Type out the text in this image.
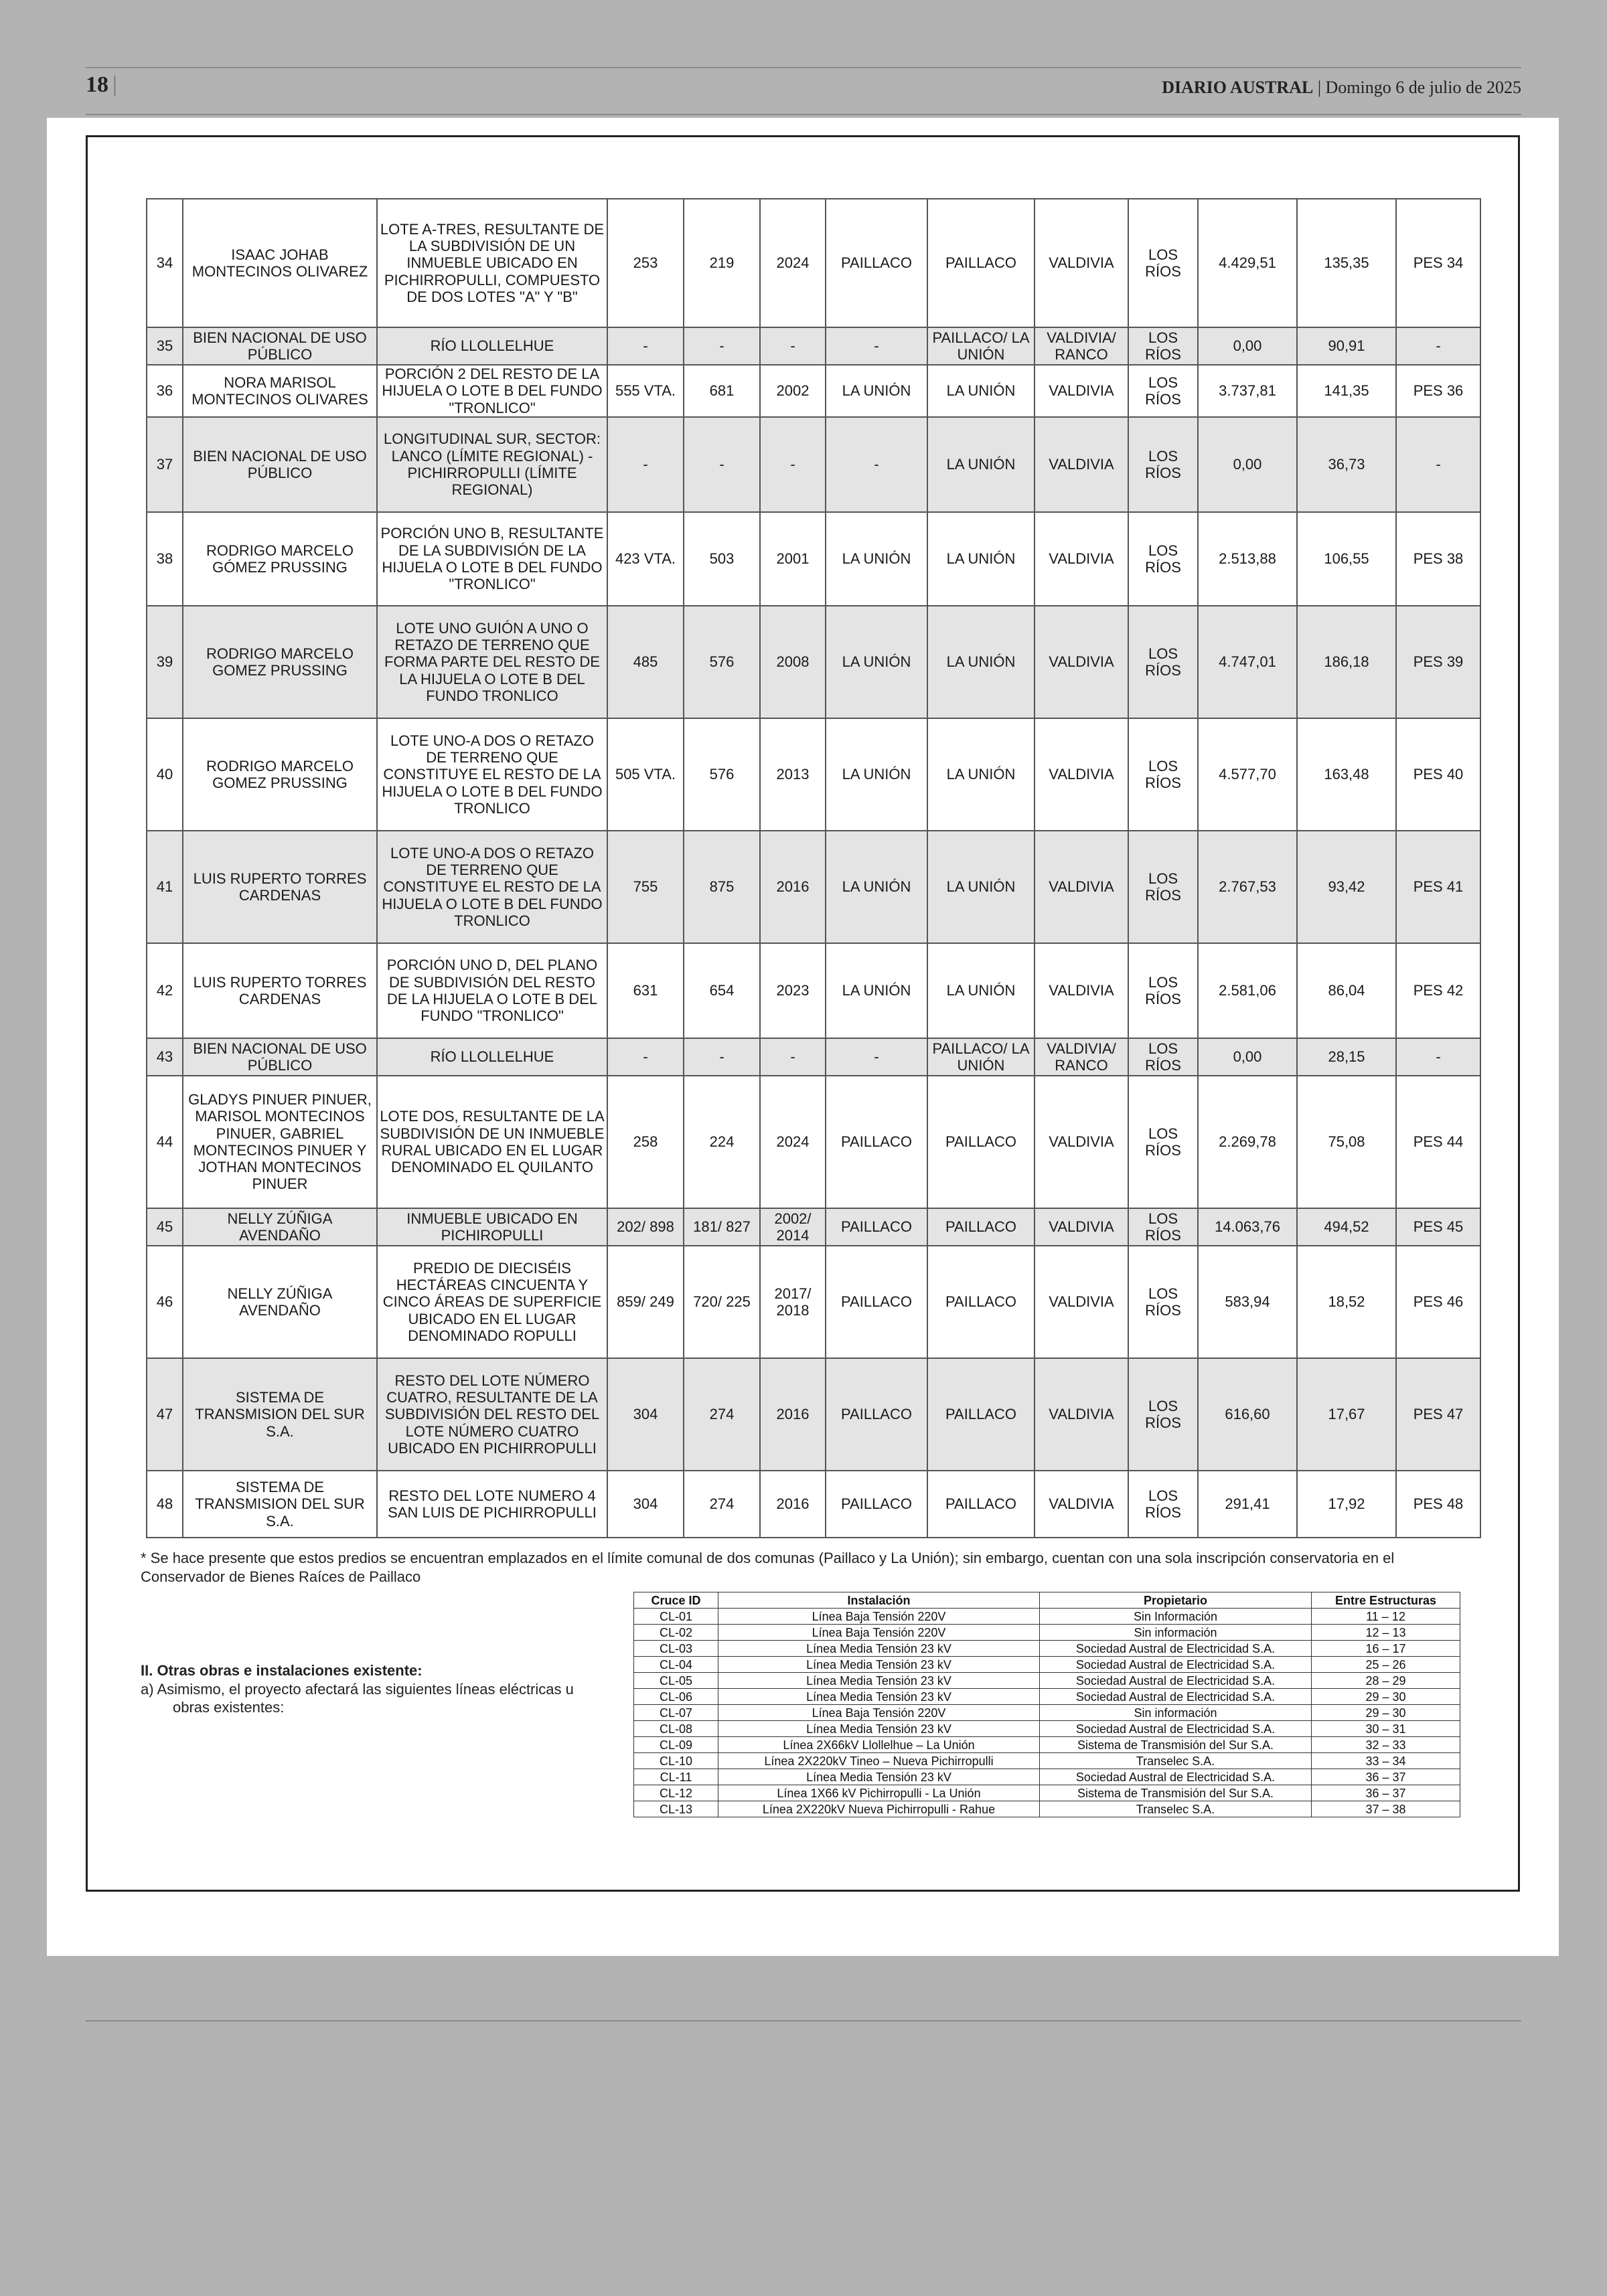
18 |	DIARIO AUSTRAL | Domingo 6 de julio de 2025
34	ISAAC JOHAB MONTECINOS OLIVAREZ	LOTE A-TRES, RESULTANTE DE LA SUBDIVISIÓN DE UN INMUEBLE UBICADO EN PICHIRROPULLI, COMPUESTO DE DOS LOTES "A" Y "B"	253	219	2024	PAILLACO	PAILLACO	VALDIVIA	LOS RÍOS	4.429,51	135,35	PES 34
35	BIEN NACIONAL DE USO PÚBLICO	RÍO LLOLLELHUE	-	-	-	-	PAILLACO/ LA UNIÓN	VALDIVIA/ RANCO	LOS RÍOS	0,00	90,91	-
36	NORA MARISOL MONTECINOS OLIVARES	PORCIÓN 2 DEL RESTO DE LA HIJUELA O LOTE B DEL FUNDO "TRONLICO"	555 VTA.	681	2002	LA UNIÓN	LA UNIÓN	VALDIVIA	LOS RÍOS	3.737,81	141,35	PES 36
37	BIEN NACIONAL DE USO PÚBLICO	LONGITUDINAL SUR, SECTOR: LANCO (LÍMITE REGIONAL) - PICHIRROPULLI (LÍMITE REGIONAL)	-	-	-	-	LA UNIÓN	VALDIVIA	LOS RÍOS	0,00	36,73	-
38	RODRIGO MARCELO GÓMEZ PRUSSING	PORCIÓN UNO B, RESULTANTE DE LA SUBDIVISIÓN DE LA HIJUELA O LOTE B DEL FUNDO "TRONLICO"	423 VTA.	503	2001	LA UNIÓN	LA UNIÓN	VALDIVIA	LOS RÍOS	2.513,88	106,55	PES 38
39	RODRIGO MARCELO GOMEZ PRUSSING	LOTE UNO GUIÓN A UNO O RETAZO DE TERRENO QUE FORMA PARTE DEL RESTO DE LA HIJUELA O LOTE B DEL FUNDO TRONLICO	485	576	2008	LA UNIÓN	LA UNIÓN	VALDIVIA	LOS RÍOS	4.747,01	186,18	PES 39
40	RODRIGO MARCELO GOMEZ PRUSSING	LOTE UNO-A DOS O RETAZO DE TERRENO QUE CONSTITUYE EL RESTO DE LA HIJUELA O LOTE B DEL FUNDO TRONLICO	505 VTA.	576	2013	LA UNIÓN	LA UNIÓN	VALDIVIA	LOS RÍOS	4.577,70	163,48	PES 40
41	LUIS RUPERTO TORRES CARDENAS	LOTE UNO-A DOS O RETAZO DE TERRENO QUE CONSTITUYE EL RESTO DE LA HIJUELA O LOTE B DEL FUNDO TRONLICO	755	875	2016	LA UNIÓN	LA UNIÓN	VALDIVIA	LOS RÍOS	2.767,53	93,42	PES 41
42	LUIS RUPERTO TORRES CARDENAS	PORCIÓN UNO D, DEL PLANO DE SUBDIVISIÓN DEL RESTO DE LA HIJUELA O LOTE B DEL FUNDO "TRONLICO"	631	654	2023	LA UNIÓN	LA UNIÓN	VALDIVIA	LOS RÍOS	2.581,06	86,04	PES 42
43	BIEN NACIONAL DE USO PÚBLICO	RÍO LLOLLELHUE	-	-	-	-	PAILLACO/ LA UNIÓN	VALDIVIA/ RANCO	LOS RÍOS	0,00	28,15	-
44	GLADYS PINUER PINUER, MARISOL MONTECINOS PINUER, GABRIEL MONTECINOS PINUER Y JOTHAN MONTECINOS PINUER	LOTE DOS, RESULTANTE DE LA SUBDIVISIÓN DE UN INMUEBLE RURAL UBICADO EN EL LUGAR DENOMINADO EL QUILANTO	258	224	2024	PAILLACO	PAILLACO	VALDIVIA	LOS RÍOS	2.269,78	75,08	PES 44
45	NELLY ZÚÑIGA AVENDAÑO	INMUEBLE UBICADO EN PICHIROPULLI	202/ 898	181/ 827	2002/ 2014	PAILLACO	PAILLACO	VALDIVIA	LOS RÍOS	14.063,76	494,52	PES 45
46	NELLY ZÚÑIGA AVENDAÑO	PREDIO DE DIECISÉIS HECTÁREAS CINCUENTA Y CINCO ÁREAS DE SUPERFICIE UBICADO EN EL LUGAR DENOMINADO ROPULLI	859/ 249	720/ 225	2017/ 2018	PAILLACO	PAILLACO	VALDIVIA	LOS RÍOS	583,94	18,52	PES 46
47	SISTEMA DE TRANSMISION DEL SUR S.A.	RESTO DEL LOTE NÚMERO CUATRO, RESULTANTE DE LA SUBDIVISIÓN DEL RESTO DEL LOTE NÚMERO CUATRO UBICADO EN PICHIRROPULLI	304	274	2016	PAILLACO	PAILLACO	VALDIVIA	LOS RÍOS	616,60	17,67	PES 47
48	SISTEMA DE TRANSMISION DEL SUR S.A.	RESTO DEL LOTE NUMERO 4 SAN LUIS DE PICHIRROPULLI	304	274	2016	PAILLACO	PAILLACO	VALDIVIA	LOS RÍOS	291,41	17,92	PES 48
* Se hace presente que estos predios se encuentran emplazados en el límite comunal de dos comunas (Paillaco y La Unión); sin embargo, cuentan con una sola inscripción conservatoria en el Conservador de Bienes Raíces de Paillaco
II. Otras obras e instalaciones existente:
a) Asimismo, el proyecto afectará las siguientes líneas eléctricas u obras existentes:
Cruce ID	Instalación	Propietario	Entre Estructuras
CL-01	Línea Baja Tensión 220V	Sin Información	11 – 12
CL-02	Línea Baja Tensión 220V	Sin información	12 – 13
CL-03	Línea Media Tensión 23 kV	Sociedad Austral de Electricidad S.A.	16 – 17
CL-04	Línea Media Tensión 23 kV	Sociedad Austral de Electricidad S.A.	25 – 26
CL-05	Línea Media Tensión 23 kV	Sociedad Austral de Electricidad S.A.	28 – 29
CL-06	Línea Media Tensión 23 kV	Sociedad Austral de Electricidad S.A.	29 – 30
CL-07	Línea Baja Tensión 220V	Sin información	29 – 30
CL-08	Línea Media Tensión 23 kV	Sociedad Austral de Electricidad S.A.	30 – 31
CL-09	Línea 2X66kV Llollelhue – La Unión	Sistema de Transmisión del Sur S.A.	32 – 33
CL-10	Línea 2X220kV Tineo – Nueva Pichirropulli	Transelec S.A.	33 – 34
CL-11	Línea Media Tensión 23 kV	Sociedad Austral de Electricidad S.A.	36 – 37
CL-12	Línea 1X66 kV Pichirropulli - La Unión	Sistema de Transmisión del Sur S.A.	36 – 37
CL-13	Línea 2X220kV Nueva Pichirropulli - Rahue	Transelec S.A.	37 – 38
